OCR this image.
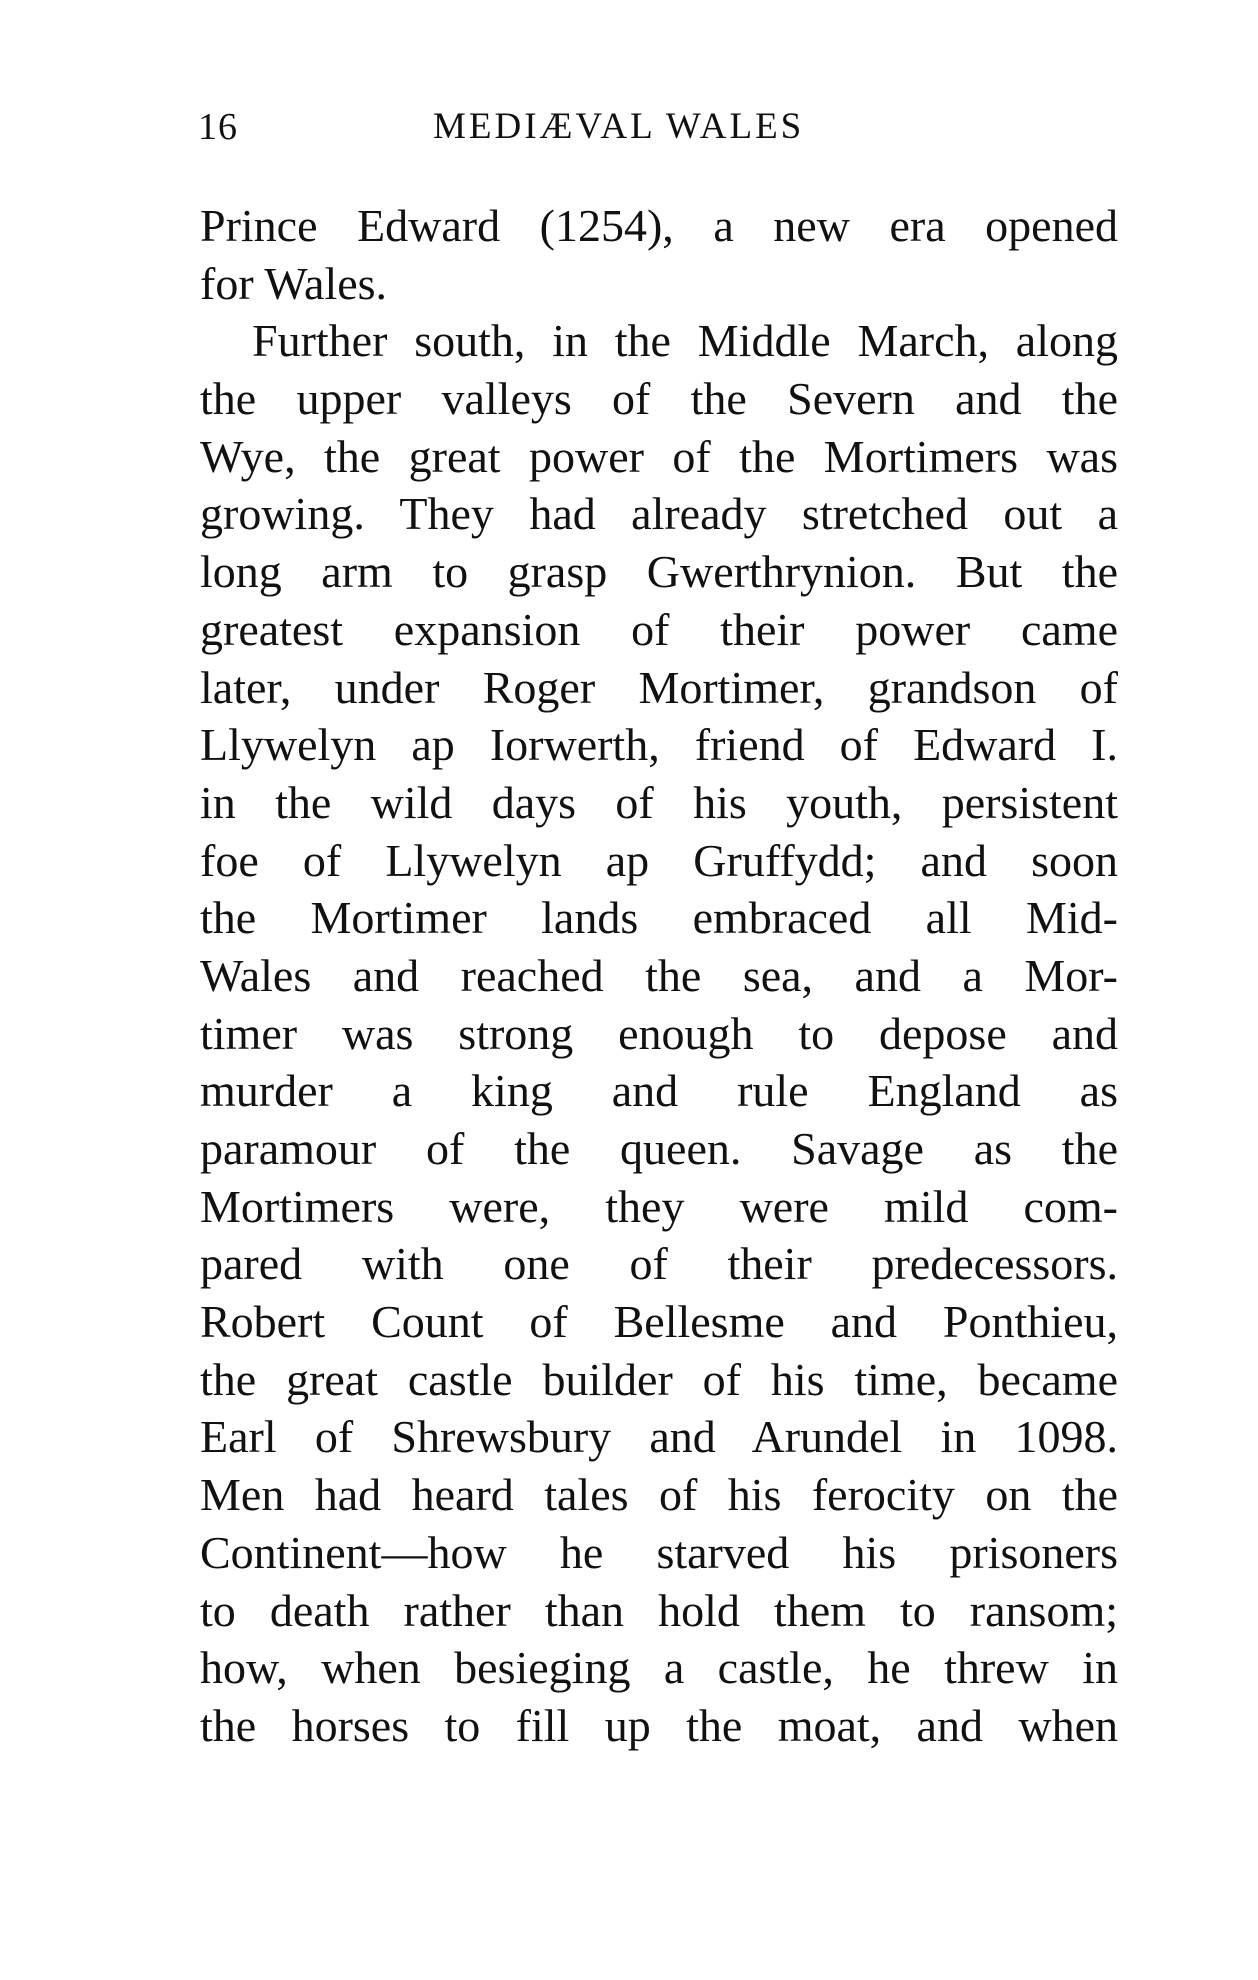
16	MEDIÆVAL WALES
Prince Edward (1254), a new era opened
for Wales.
Further south, in the Middle March, along
the upper valleys of the Severn and the
Wye, the great power of the Mortimers was
growing. They had already stretched out a
long arm to grasp Gwerthrynion. But the
greatest expansion of their power came
later, under Roger Mortimer, grandson of
Llywelyn ap Iorwerth, friend of Edward I.
in the wild days of his youth, persistent
foe of Llywelyn ap Gruffydd; and soon
the Mortimer lands embraced all Mid-
Wales and reached the sea, and a Mor-
timer was strong enough to depose and
murder a king and rule England as
paramour of the queen. Savage as the
Mortimers were, they were mild com-
pared with one of their predecessors.
Robert Count of Bellesme and Ponthieu,
the great castle builder of his time, became
Earl of Shrewsbury and Arundel in 1098.
Men had heard tales of his ferocity on the
Continent—how he starved his prisoners
to death rather than hold them to ransom;
how, when besieging a castle, he threw in
the horses to fill up the moat, and when
